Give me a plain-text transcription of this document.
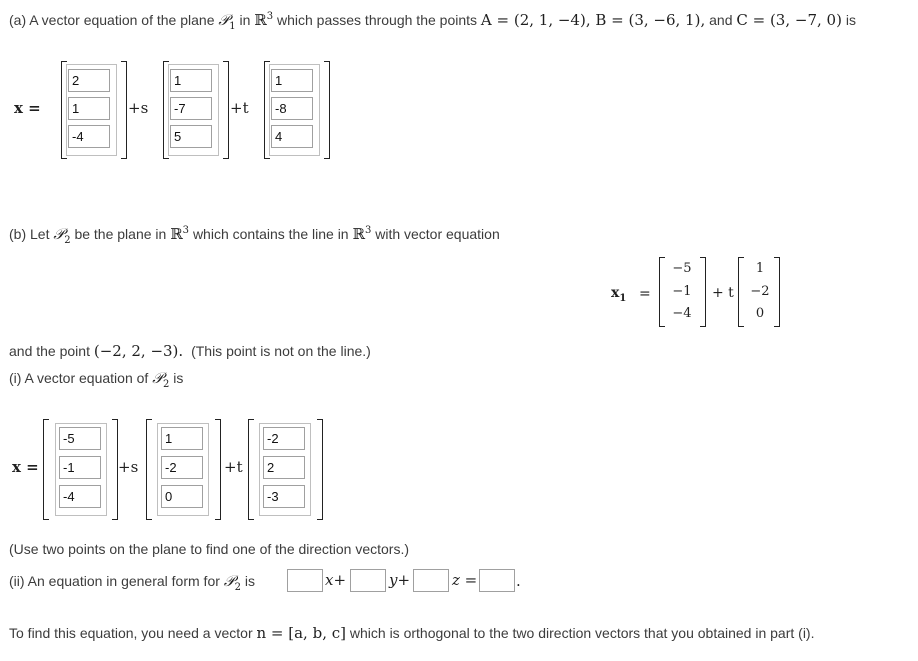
(a) A vector equation of the plane 𝒫$_1$ in ℝ$^3$ which passes through the points A = (2, 1, −4), B = (3, −6, 1), and C = (3, −7, 0) is
x =
2
1
-4	+s
1
-7
5	+t
1
-8
4
(b) Let 𝒫$_2$ be the plane in ℝ$^3$ which contains the line in ℝ$^3$ with vector equation
$x_1$ =
−5
−1
−4
+ t
1
−2
0
and the point (−2, 2, −3). (This point is not on the line.)
(i) A vector equation of 𝒫$_2$ is
x =
-5
-1
-4	+s
1
-2
0	+t
-2
2
-3
(Use two points on the plane to find one of the direction vectors.)
(ii) An equation in general form for 𝒫$_2$ is	x+	y+	z =	.
To find this equation, you need a vector n = [a, b, c] which is orthogonal to the two direction vectors that you obtained in part (i).
